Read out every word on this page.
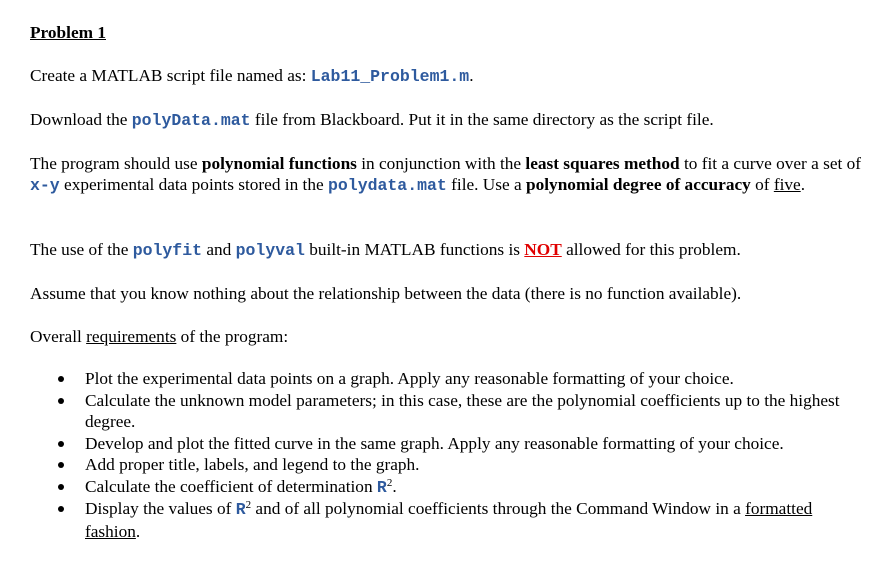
Problem 1
Create a MATLAB script file named as: Lab11_Problem1.m.
Download the polyData.mat file from Blackboard. Put it in the same directory as the script file.
The program should use polynomial functions in conjunction with the least squares method to fit a curve over a set of x-y experimental data points stored in the polydata.mat file. Use a polynomial degree of accuracy of five.
The use of the polyfit and polyval built-in MATLAB functions is NOT allowed for this problem.
Assume that you know nothing about the relationship between the data (there is no function available).
Overall requirements of the program:
Plot the experimental data points on a graph. Apply any reasonable formatting of your choice.
Calculate the unknown model parameters; in this case, these are the polynomial coefficients up to the highest degree.
Develop and plot the fitted curve in the same graph. Apply any reasonable formatting of your choice.
Add proper title, labels, and legend to the graph.
Calculate the coefficient of determination $R^2$.
Display the values of $R^2$ and of all polynomial coefficients through the Command Window in a formatted fashion.
